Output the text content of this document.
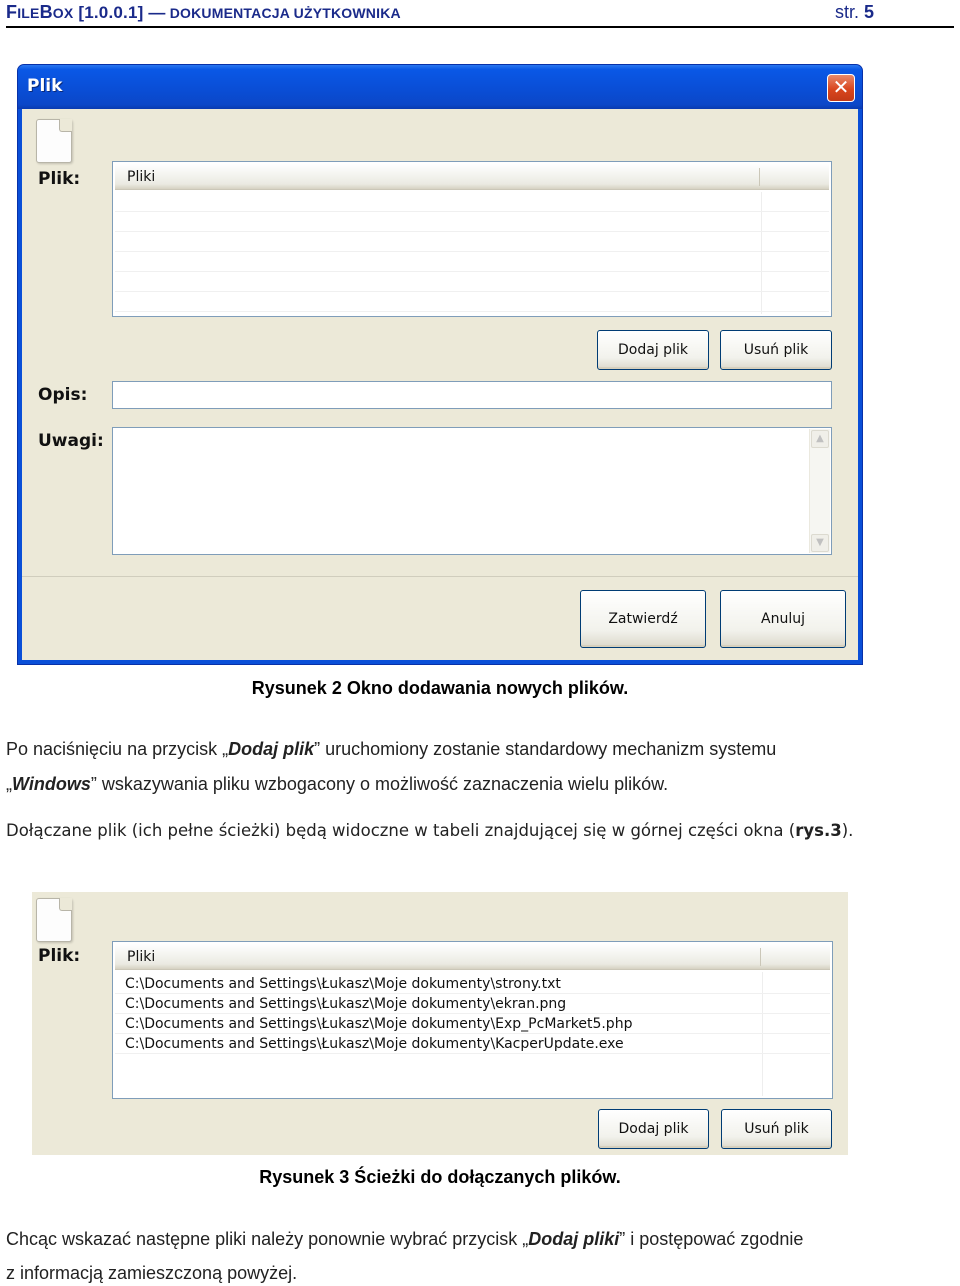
FILEBOX [1.0.0.1] — DOKUMENTACJA UŻYTKOWNIKA	str. 5
Plik	✕
Plik:	Pliki
Dodaj plik	Usuń plik
Opis:
Uwagi:	▲
▼
Zatwierdź	Anuluj
Rysunek 2 Okno dodawania nowych plików.
Po naciśnięciu na przycisk „Dodaj plik” uruchomiony zostanie standardowy mechanizm systemu
„Windows” wskazywania pliku wzbogacony o możliwość zaznaczenia wielu plików.
Dołączane plik (ich pełne ścieżki) będą widoczne w tabeli znajdującej się w górnej części okna (rys.3).
Plik:	Pliki
C:\Documents and Settings\Łukasz\Moje dokumenty\strony.txt
C:\Documents and Settings\Łukasz\Moje dokumenty\ekran.png
C:\Documents and Settings\Łukasz\Moje dokumenty\Exp_PcMarket5.php
C:\Documents and Settings\Łukasz\Moje dokumenty\KacperUpdate.exe
Dodaj plik	Usuń plik
Rysunek 3 Ścieżki do dołączanych plików.
Chcąc wskazać następne pliki należy ponownie wybrać przycisk „Dodaj pliki” i postępować zgodnie
z informacją zamieszczoną powyżej.
